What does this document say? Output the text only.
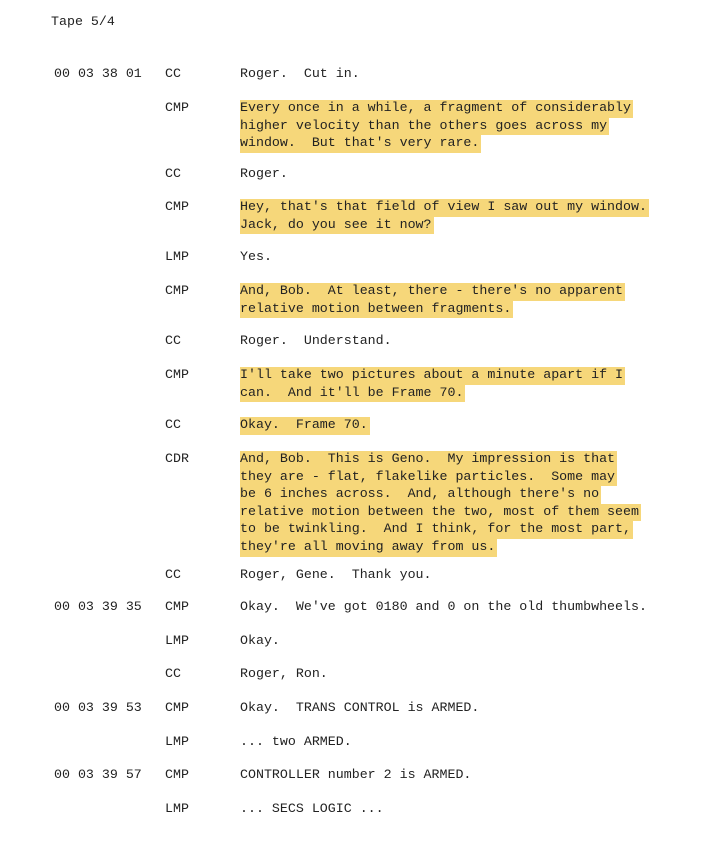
Tape 5/4
00 03 38 01 CC	Roger.  Cut in.
CMP	Every once in a while, a fragment of considerably
higher velocity than the others goes across my
window.  But that's very rare.
CC	Roger.
CMP	Hey, that's that field of view I saw out my window.
Jack, do you see it now?
LMP	Yes.
CMP	And, Bob.  At least, there - there's no apparent
relative motion between fragments.
CC	Roger.  Understand.
CMP	I'll take two pictures about a minute apart if I
can.  And it'll be Frame 70.
CC	Okay.  Frame 70.
CDR	And, Bob.  This is Geno.  My impression is that
they are - flat, flakelike particles.  Some may
be 6 inches across.  And, although there's no
relative motion between the two, most of them seem
to be twinkling.  And I think, for the most part,
they're all moving away from us.
CC	Roger, Gene.  Thank you.
00 03 39 35 CMP	Okay.  We've got 0180 and 0 on the old thumbwheels.
LMP	Okay.
CC	Roger, Ron.
00 03 39 53 CMP	Okay.  TRANS CONTROL is ARMED.
LMP	... two ARMED.
00 03 39 57 CMP	CONTROLLER number 2 is ARMED.
LMP	... SECS LOGIC ...
